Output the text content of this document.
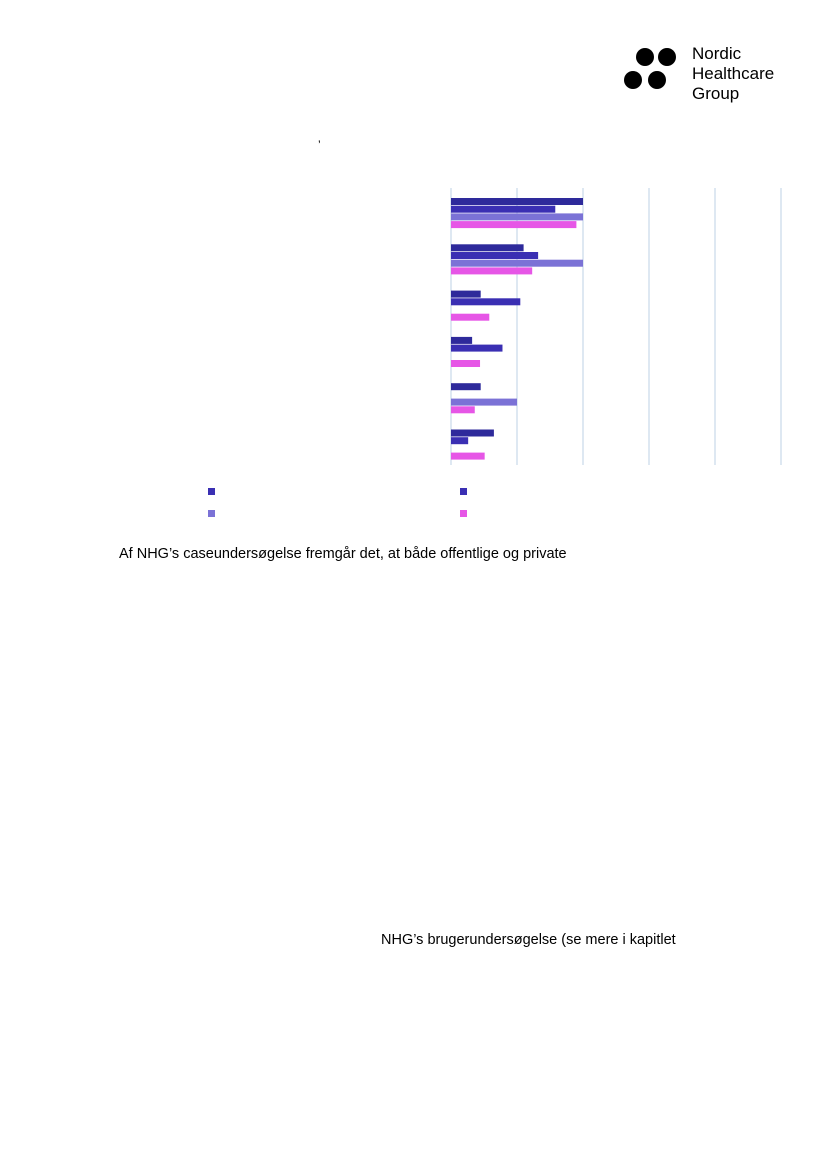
Nordic
Healthcare
Group
’
Af NHG’s caseundersøgelse fremgår det, at både offentlige og private
NHG’s brugerundersøgelse (se mere i kapitlet
